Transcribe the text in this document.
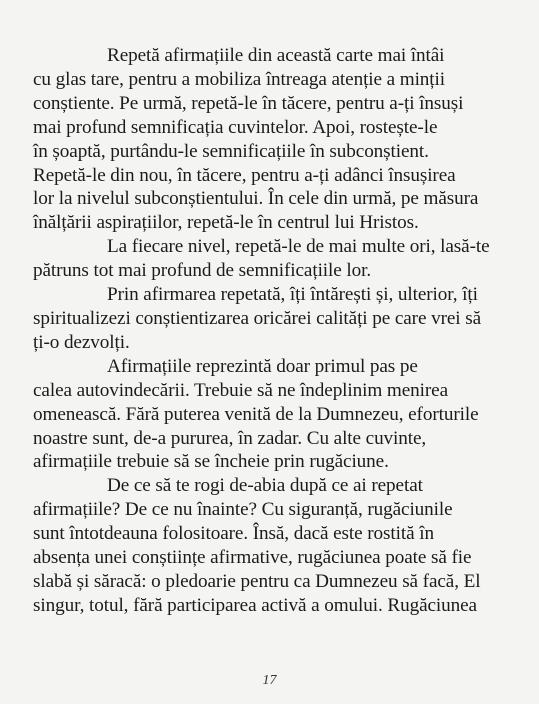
Repetă afirmațiile din această carte mai întâi
cu glas tare, pentru a mobiliza întreaga atenție a minții
conștiente. Pe urmă, repetă-le în tăcere, pentru a-ți însuși
mai profund semnificația cuvintelor. Apoi, rostește-le
în șoaptă, purtându-le semnificațiile în subconștient.
Repetă-le din nou, în tăcere, pentru a-ți adânci însușirea
lor la nivelul subconștientului. În cele din urmă, pe măsura
înălțării aspirațiilor, repetă-le în centrul lui Hristos.
La fiecare nivel, repetă-le de mai multe ori, lasă-te
pătruns tot mai profund de semnificațiile lor.
Prin afirmarea repetată, îți întărești și, ulterior, îți
spiritualizezi conștientizarea oricărei calități pe care vrei să
ți-o dezvolți.
Afirmațiile reprezintă doar primul pas pe
calea autovindecării. Trebuie să ne îndeplinim menirea
omenească. Fără puterea venită de la Dumnezeu, eforturile
noastre sunt, de-a pururea, în zadar. Cu alte cuvinte,
afirmațiile trebuie să se încheie prin rugăciune.
De ce să te rogi de-abia după ce ai repetat
afirmațiile? De ce nu înainte? Cu siguranță, rugăciunile
sunt întotdeauna folositoare. Însă, dacă este rostită în
absența unei conștiințe afirmative, rugăciunea poate să fie
slabă și săracă: o pledoarie pentru ca Dumnezeu să facă, El
singur, totul, fără participarea activă a omului. Rugăciunea
17
